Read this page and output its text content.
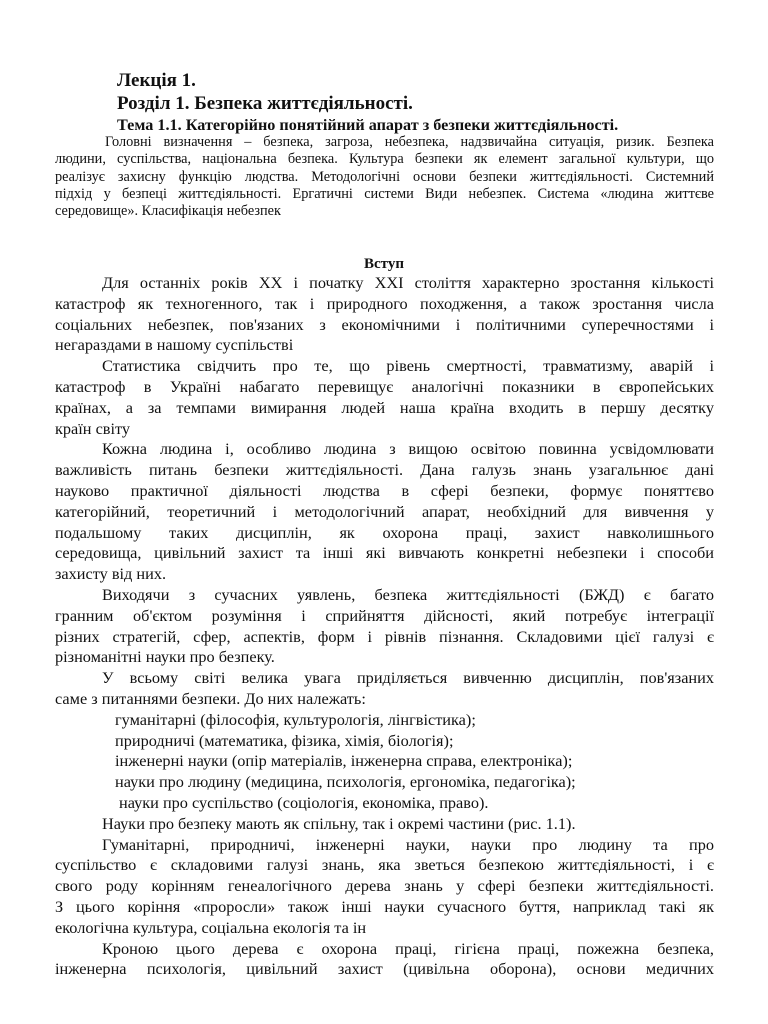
Лекція 1.
Розділ 1. Безпека життєдіяльності.
Тема 1.1. Категорійно понятійний апарат з безпеки життєдіяльності.
Головні визначення – безпека, загроза, небезпека, надзвичайна ситуація, ризик. Безпека
людини, суспільства, національна безпека. Культура безпеки як елемент загальної культури, що
реалізує захисну функцію людства. Методологічні основи безпеки життєдіяльності. Системний
підхід у безпеці життєдіяльності. Ергатичні системи Види небезпек. Система «людина життєве
середовище». Класифікація небезпек
Вступ
Для останніх років XX і початку XXI століття характерно зростання кількості
катастроф як техногенного, так і природного походження, а також зростання числа
соціальних небезпек, пов'язаних з економічними і політичними суперечностями і
негараздами в нашому суспільстві
Статистика свідчить про те, що рівень смертності, травматизму, аварій і
катастроф в Україні набагато перевищує аналогічні показники в європейських
країнах, а за темпами вимирання людей наша країна входить в першу десятку
країн світу
Кожна людина і, особливо людина з вищою освітою повинна усвідомлювати
важливість питань безпеки життєдіяльності. Дана галузь знань узагальнює дані
науково практичної діяльності людства в сфері безпеки, формує поняттєво
категорійний, теоретичний і методологічний апарат, необхідний для вивчення у
подальшому таких дисциплін, як охорона праці, захист навколишнього
середовища, цивільний захист та інші які вивчають конкретні небезпеки і способи
захисту від них.
Виходячи з сучасних уявлень, безпека життєдіяльності (БЖД) є багато
гранним об'єктом розуміння і сприйняття дійсності, який потребує інтеграції
різних стратегій, сфер, аспектів, форм і рівнів пізнання. Складовими цієї галузі є
різноманітні науки про безпеку.
У всьому світі велика увага приділяється вивченню дисциплін, пов'язаних
саме з питаннями безпеки. До них належать:
гуманітарні (філософія, культурологія, лінгвістика);
природничі (математика, фізика, хімія, біологія);
інженерні науки (опір матеріалів, інженерна справа, електроніка);
науки про людину (медицина, психологія, ергономіка, педагогіка);
науки про суспільство (соціологія, економіка, право).
Науки про безпеку мають як спільну, так і окремі частини (рис. 1.1).
Гуманітарні, природничі, інженерні науки, науки про людину та про
суспільство є складовими галузі знань, яка зветься безпекою життєдіяльності, і є
свого роду корінням генеалогічного дерева знань у сфері безпеки життєдіяльності.
З цього коріння «проросли» також інші науки сучасного буття, наприклад такі як
екологічна культура, соціальна екологія та ін
Кроною цього дерева є охорона праці, гігієна праці, пожежна безпека,
інженерна психологія, цивільний захист (цивільна оборона), основи медичних
